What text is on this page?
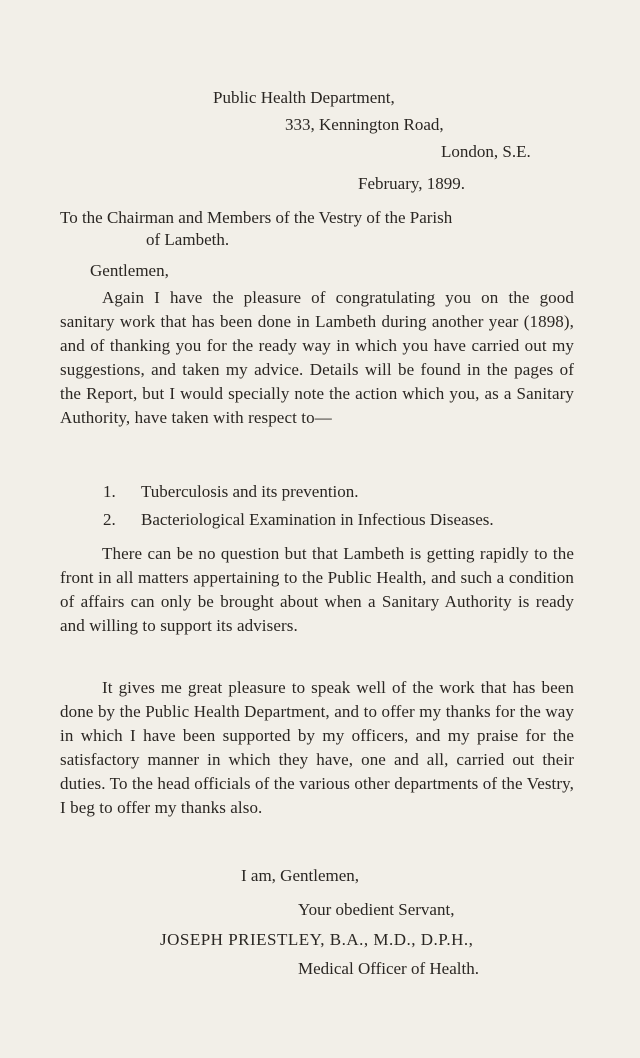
Public Health Department,
333, Kennington Road,
London, S.E.
February, 1899.
To the Chairman and Members of the Vestry of the Parish
of Lambeth.
Gentlemen,
Again I have the pleasure of congratulating you on the good sanitary work that has been done in Lambeth during another year (1898), and of thanking you for the ready way in which you have carried out my suggestions, and taken my advice. Details will be found in the pages of the Report, but I would specially note the action which you, as a Sanitary Authority, have taken with respect to—
1. Tuberculosis and its prevention.
2. Bacteriological Examination in Infectious Diseases.
There can be no question but that Lambeth is getting rapidly to the front in all matters appertaining to the Public Health, and such a condition of affairs can only be brought about when a Sanitary Authority is ready and willing to support its advisers.
It gives me great pleasure to speak well of the work that has been done by the Public Health Department, and to offer my thanks for the way in which I have been supported by my officers, and my praise for the satisfactory manner in which they have, one and all, carried out their duties. To the head officials of the various other departments of the Vestry, I beg to offer my thanks also.
I am, Gentlemen,
Your obedient Servant,
JOSEPH PRIESTLEY, B.A., M.D., D.P.H.,
Medical Officer of Health.
